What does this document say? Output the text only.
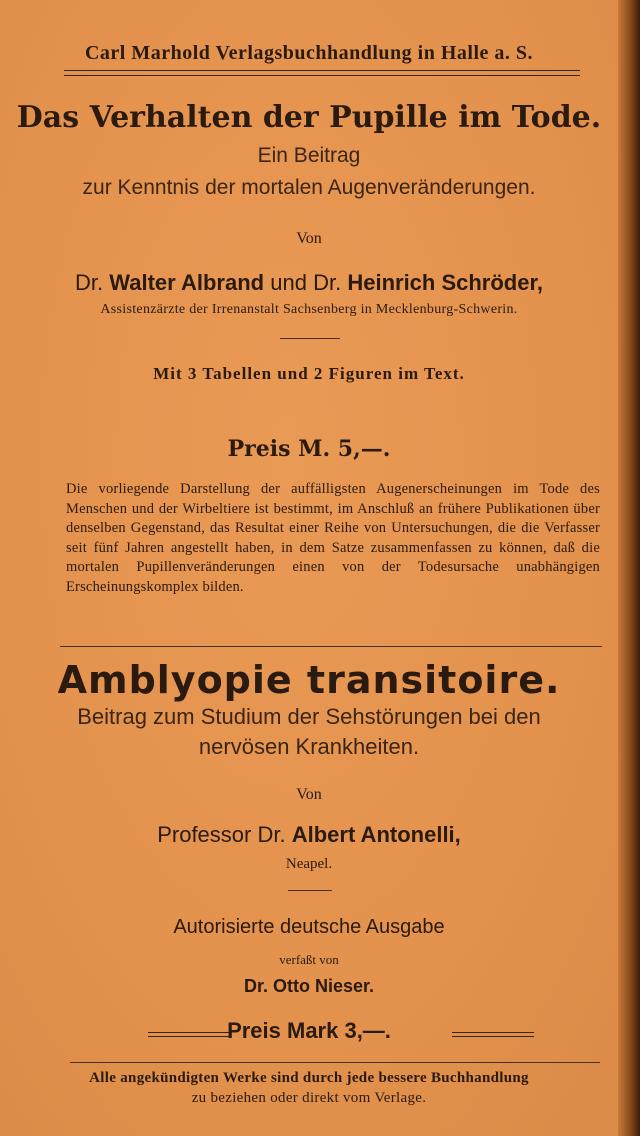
Carl Marhold Verlagsbuchhandlung in Halle a. S.
Das Verhalten der Pupille im Tode.
Ein Beitrag
zur Kenntnis der mortalen Augenveränderungen.
Von
Dr. Walter Albrand und Dr. Heinrich Schröder,
Assistenzärzte der Irrenanstalt Sachsenberg in Mecklenburg-Schwerin.
Mit 3 Tabellen und 2 Figuren im Text.
Preis M. 5,—.
Die vorliegende Darstellung der auffälligsten Augenerscheinungen im Tode des Menschen und der Wirbeltiere ist bestimmt, im Anschluß an frühere Publikationen über denselben Gegenstand, das Resultat einer Reihe von Untersuchungen, die die Verfasser seit fünf Jahren angestellt haben, in dem Satze zusammenfassen zu können, daß die mortalen Pupillenveränderungen einen von der Todesursache unabhängigen Erscheinungskomplex bilden.
Amblyopie transitoire.
Beitrag zum Studium der Sehstörungen bei den
nervösen Krankheiten.
Von
Professor Dr. Albert Antonelli,
Neapel.
Autorisierte deutsche Ausgabe
verfaßt von
Dr. Otto Nieser.
Preis Mark 3,—.
Alle angekündigten Werke sind durch jede bessere Buchhandlung
zu beziehen oder direkt vom Verlage.
